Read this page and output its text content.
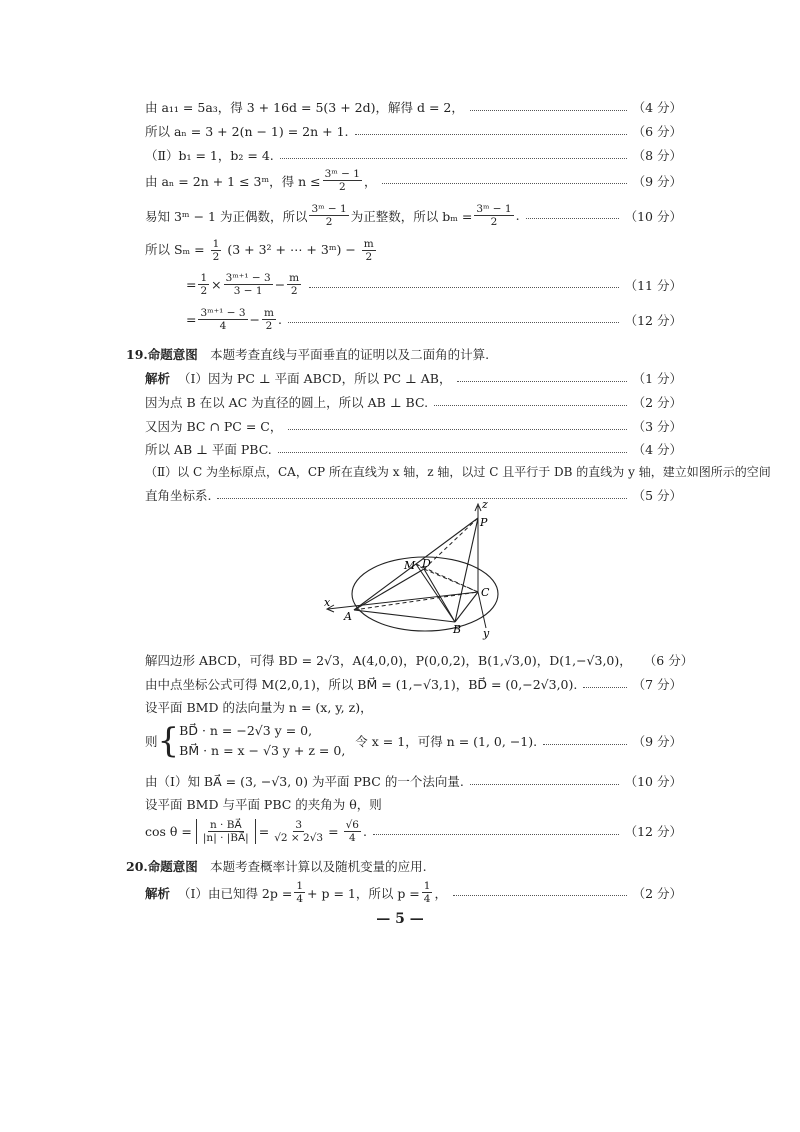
由 a₁₁ = 5a₃，得 3 + 16d = 5(3 + 2d)，解得 d = 2，	（4 分）
所以 aₙ = 3 + 2(n − 1) = 2n + 1.	（6 分）
（Ⅱ）b₁ = 1，b₂ = 4.	（8 分）
由 aₙ = 2n + 1 ≤ 3ᵐ，得 $n \le \frac{\text{3ᵐ − 1}}{2}$ ，	（9 分）
易知 3ᵐ − 1 为正偶数，所以 $\frac{\text{3ᵐ − 1}}{2}$ 为正整数，所以 $b_m = \frac{\text{3ᵐ − 1}}{2}$ .	（10 分）
所以 $S_m = \frac{1}{2} (3 + 3^2$ + ⋯ + 3ᵐ) − $\frac{m}{2}$
= $\frac{1}{2} \times \frac{\text{3ᵐ⁺¹ − 3}}{3 - 1} - \frac{m}{2}$	（11 分）
= $\frac{\text{3ᵐ⁺¹ − 3}}{4} - \frac{m}{2}$ .	（12 分）
19.命题意图 本题考查直线与平面垂直的证明以及二面角的计算.
解析 （Ⅰ）因为 PC ⊥ 平面 ABCD，所以 PC ⊥ AB，	（1 分）
因为点 B 在以 AC 为直径的圆上，所以 AB ⊥ BC.	（2 分）
又因为 BC ∩ PC = C，	（3 分）
所以 AB ⊥ 平面 PBC.	（4 分）
（Ⅱ）以 C 为坐标原点，CA，CP 所在直线为 x 轴，z 轴，以过 C 且平行于 DB 的直线为 y 轴，建立如图所示的空间
直角坐标系.	（5 分）
z
P
M D
x
A
C
B y
解四边形 ABCD，可得 BD = 2√3，A(4,0,0)，P(0,0,2)，B(1,√3,0)，D(1,−√3,0)， （6 分）
由中点坐标公式可得 M(2,0,1)，所以 BM⃗ = (1,−√3,1)，BD⃗ = (0,−2√3,0).	（7 分）
设平面 BMD 的法向量为 n = (x, y, z)，
则 { BD⃗ · n = −2√3 y = 0,
BM⃗ · n = x − √3 y + z = 0,
令 x = 1，可得 n = (1, 0, −1).	（9 分）
由（Ⅰ）知 BA⃗ = (3, −√3, 0) 为平面 PBC 的一个法向量.	（10 分）
设平面 BMD 与平面 PBC 的夹角为 θ，则
$\cos \theta = \frac{n \cdot BA⃗}{|n| \cdot |BA⃗|} = \frac{3}{√2 \times 2√3} = \frac{√6}{4}$ .	（12 分）
20.命题意图 本题考查概率计算以及随机变量的应用.
解析 （Ⅰ）由已知得 $2p = \frac{1}{4} + p = 1$，所以 $p = \frac{1}{4}$ ，	（2 分）
— 5 —
